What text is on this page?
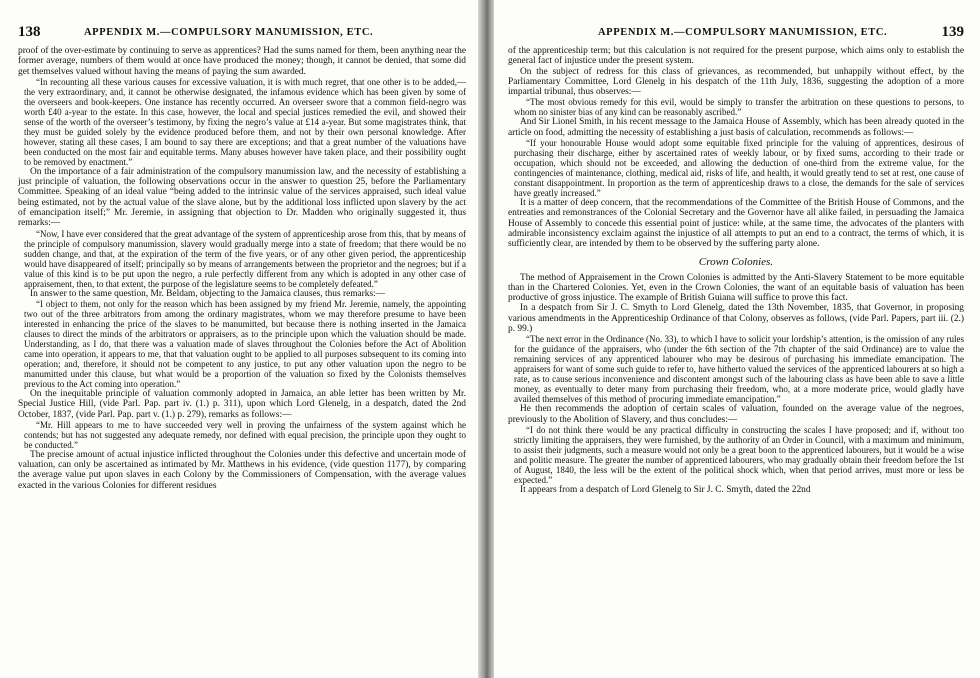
138	APPENDIX M.—COMPULSORY MANUMISSION, ETC.

proof of the over-estimate by continuing to serve as apprentices? Had the sums named for them, been anything near the former average, numbers of them would at once have produced the money; though, it cannot be denied, that some did get themselves valued without having the means of paying the sum awarded.

“In recounting all these various causes for excessive valuation, it is with much regret, that one other is to be added,—the very extraordinary, and, it cannot be otherwise designated, the infamous evidence which has been given by some of the overseers and book-keepers. One instance has recently occurred. An overseer swore that a common field-negro was worth £40 a-year to the estate. In this case, however, the local and special justices remedied the evil, and showed their sense of the worth of the overseer’s testimony, by fixing the negro’s value at £14 a-year. But some magistrates think, that they must be guided solely by the evidence produced before them, and not by their own personal knowledge. After however, stating all these cases, I am bound to say there are exceptions; and that a great number of the valuations have been conducted on the most fair and equitable terms. Many abuses however have taken place, and their possibility ought to be removed by enactment.”

On the importance of a fair administration of the compulsory manumission law, and the necessity of establishing a just principle of valuation, the following observations occur in the answer to question 25, before the Parliamentary Committee. Speaking of an ideal value “being added to the intrinsic value of the services appraised, such ideal value being estimated, not by the actual value of the slave alone, but by the additional loss inflicted upon slavery by the act of emancipation itself;” Mr. Jeremie, in assigning that objection to Dr. Madden who originally suggested it, thus remarks:—

“Now, I have ever considered that the great advantage of the system of apprenticeship arose from this, that by means of the principle of compulsory manumission, slavery would gradually merge into a state of freedom; that there would be no sudden change, and that, at the expiration of the term of the five years, or of any other given period, the apprenticeship would have disappeared of itself; principally so by means of arrangements between the proprietor and the negroes; but if a value of this kind is to be put upon the negro, a rule perfectly different from any which is adopted in any other case of appraisement, then, to that extent, the purpose of the legislature seems to be completely defeated.”

In answer to the same question, Mr. Beldam, objecting to the Jamaica clauses, thus remarks:—

“I object to them, not only for the reason which has been assigned by my friend Mr. Jeremie, namely, the appointing two out of the three arbitrators from among the ordinary magistrates, whom we may therefore presume to have been interested in enhancing the price of the slaves to be manumitted, but because there is nothing inserted in the Jamaica clauses to direct the minds of the arbitrators or appraisers, as to the principle upon which the valuation should be made. Understanding, as I do, that there was a valuation made of slaves throughout the Colonies before the Act of Abolition came into operation, it appears to me, that that valuation ought to be applied to all purposes subsequent to its coming into operation; and, therefore, it should not be competent to any justice, to put any other valuation upon the negro to be manumitted under this clause, but what would be a proportion of the valuation so fixed by the Colonists themselves previous to the Act coming into operation.”

On the inequitable principle of valuation commonly adopted in Jamaica, an able letter has been written by Mr. Special Justice Hill, (vide Parl. Pap. part iv. (1.) p. 311), upon which Lord Glenelg, in a despatch, dated the 2nd October, 1837, (vide Parl. Pap. part v. (1.) p. 279), remarks as follows:—

“Mr. Hill appears to me to have succeeded very well in proving the unfairness of the system against which he contends; but has not suggested any adequate remedy, nor defined with equal precision, the principle upon they ought to be conducted.”

The precise amount of actual injustice inflicted throughout the Colonies under this defective and uncertain mode of valuation, can only be ascertained as intimated by Mr. Matthews in his evidence, (vide question 1177), by comparing the average value put upon slaves in each Colony by the Commissioners of Compensation, with the average values exacted in the various Colonies for different residues

APPENDIX M.—COMPULSORY MANUMISSION, ETC.	139

of the apprenticeship term; but this calculation is not required for the present purpose, which aims only to establish the general fact of injustice under the present system.

On the subject of redress for this class of grievances, as recommended, but unhappily without effect, by the Parliamentary Committee, Lord Glenelg in his despatch of the 11th July, 1836, suggesting the adoption of a more impartial tribunal, thus observes:—

“The most obvious remedy for this evil, would be simply to transfer the arbitration on these questions to persons, to whom no sinister bias of any kind can be reasonably ascribed.”

And Sir Lionel Smith, in his recent message to the Jamaica House of Assembly, which has been already quoted in the article on food, admitting the necessity of establishing a just basis of calculation, recommends as follows:—

“If your honourable House would adopt some equitable fixed principle for the valuing of apprentices, desirous of purchasing their discharge, either by ascertained rates of weekly labour, or by fixed sums, according to their trade or occupation, which should not be exceeded, and allowing the deduction of one-third from the extreme value, for the contingencies of maintenance, clothing, medical aid, risks of life, and health, it would greatly tend to set at rest, one cause of constant disappointment. In proportion as the term of apprenticeship draws to a close, the demands for the sale of services have greatly increased.”

It is a matter of deep concern, that the recommendations of the Committee of the British House of Commons, and the entreaties and remonstrances of the Colonial Secretary and the Governor have all alike failed, in persuading the Jamaica House of Assembly to concede this essential point of justice: while, at the same time, the advocates of the planters with admirable inconsistency exclaim against the injustice of all attempts to put an end to a contract, the terms of which, it is sufficiently clear, are intended by them to be observed by the suffering party alone.

Crown Colonies.

The method of Appraisement in the Crown Colonies is admitted by the Anti-Slavery Statement to be more equitable than in the Chartered Colonies. Yet, even in the Crown Colonies, the want of an equitable basis of valuation has been productive of gross injustice. The example of British Guiana will suffice to prove this fact.

In a despatch from Sir J. C. Smyth to Lord Glenelg, dated the 13th November, 1835, that Governor, in proposing various amendments in the Apprenticeship Ordinance of that Colony, observes as follows, (vide Parl. Papers, part iii. (2.) p. 99.)

“The next error in the Ordinance (No. 33), to which I have to solicit your lordship’s attention, is the omission of any rules for the guidance of the appraisers, who (under the 6th section of the 7th chapter of the said Ordinance) are to value the remaining services of any apprenticed labourer who may be desirous of purchasing his immediate emancipation. The appraisers for want of some such guide to refer to, have hitherto valued the services of the apprenticed labourers at so high a rate, as to cause serious inconvenience and discontent amongst such of the labouring class as have been able to save a little money, as eventually to deter many from purchasing their freedom, who, at a more moderate price, would gladly have availed themselves of this method of procuring immediate emancipation.”

He then recommends the adoption of certain scales of valuation, founded on the average value of the negroes, previously to the Abolition of Slavery, and thus concludes:—

“I do not think there would be any practical difficulty in constructing the scales I have proposed; and if, without too strictly limiting the appraisers, they were furnished, by the authority of an Order in Council, with a maximum and minimum, to assist their judgments, such a measure would not only be a great boon to the apprenticed labourers, but it would be a wise and politic measure. The greater the number of apprenticed labourers, who may gradually obtain their freedom before the 1st of August, 1840, the less will be the extent of the political shock which, when that period arrives, must more or less be expected.”

It appears from a despatch of Lord Glenelg to Sir J. C. Smyth, dated the 22nd
